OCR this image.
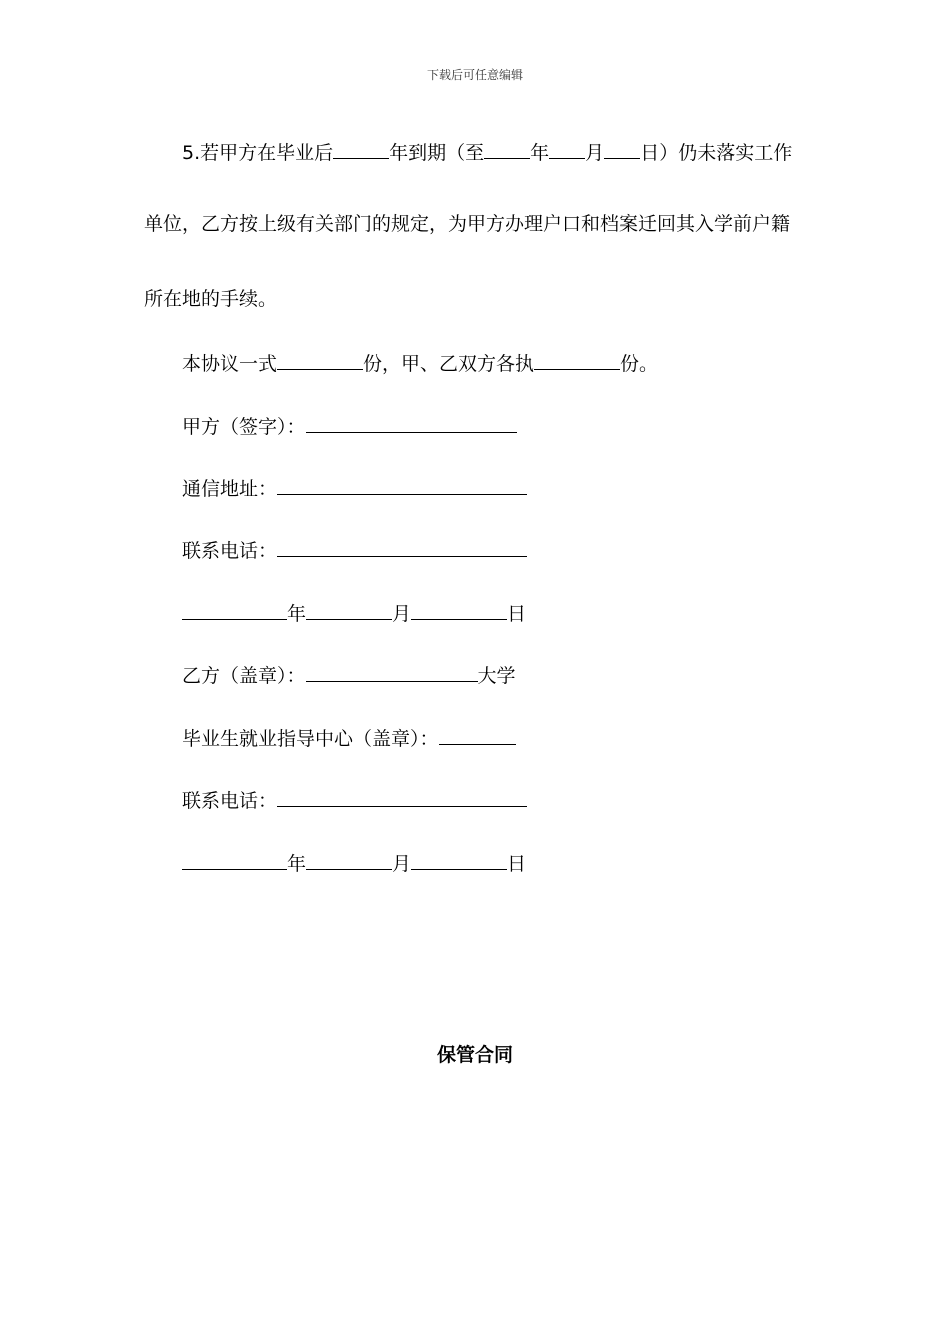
下载后可任意编辑
5.若甲方在毕业后	年到期（至 年 月 日）仍未落实工作
单位，乙方按上级有关部门的规定，为甲方办理户口和档案迁回其入学前户籍
所在地的手续。
本协议一式	份，甲、乙双方各执	份。
甲方（签字）：
通信地址：
联系电话：
年	月	日
乙方（盖章）：	大学
毕业生就业指导中心（盖章）：
联系电话：
年	月	日
保管合同
